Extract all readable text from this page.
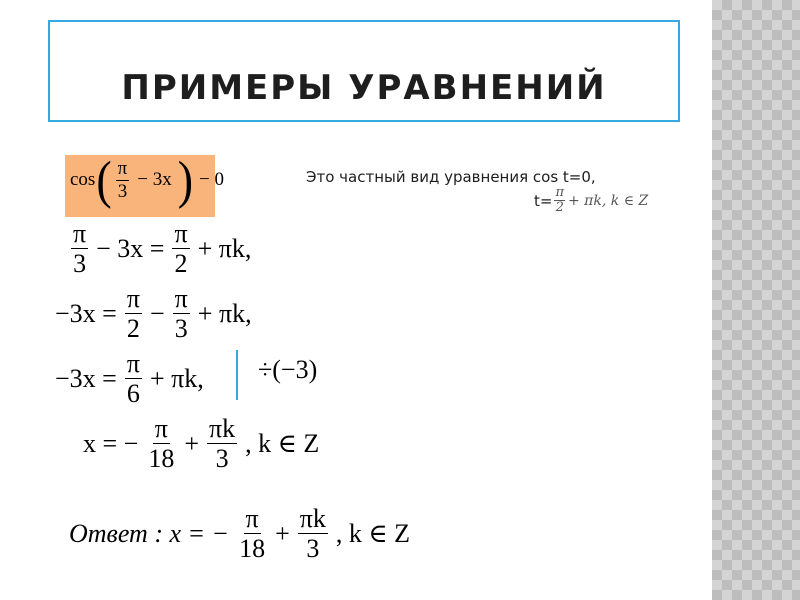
ПРИМЕРЫ УРАВНЕНИЙ
cos ( $\frac{\pi}{3} - 3x$ ) − 0	Это частный вид уравнения cos t=0,
$t= \frac{\pi}{2} + \pi k$, k ∈ Z
$\frac{\pi}{3} - 3x = \frac{\pi}{2} + \pi k$,
$-3x = \frac{\pi}{2} - \frac{\pi}{3} + \pi k$,
$-3x = \frac{\pi}{6} + \pi k$, ÷(−3)
x = − $\frac{\pi}{18} + \frac{\pi k}{3}$ , k ∈ Z
Ответ : x = − $\frac{\pi}{18} + \frac{\pi k}{3}$ , k ∈ Z
